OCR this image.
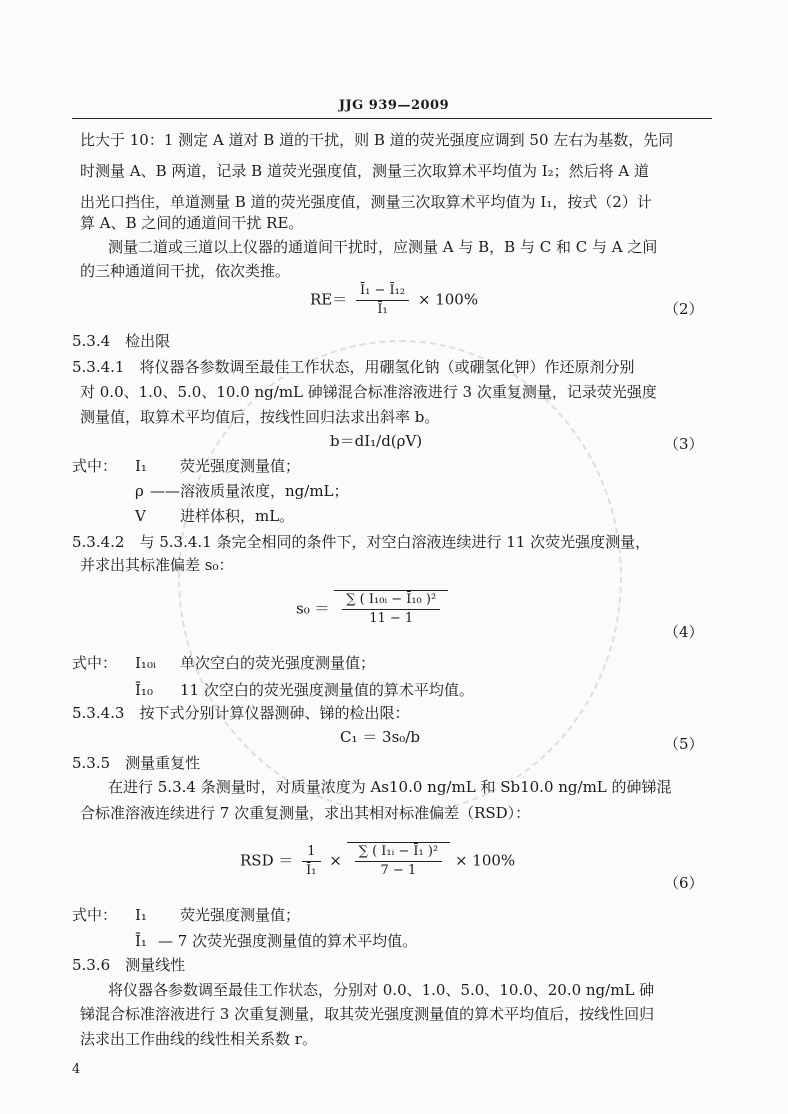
JJG 939—2009
比大于 10：1 测定 A 道对 B 道的干扰，则 B 道的荧光强度应调到 50 左右为基数，先同
时测量 A、B 两道，记录 B 道荧光强度值，测量三次取算术平均值为 I₂；然后将 A 道
出光口挡住，单道测量 B 道的荧光强度值，测量三次取算术平均值为 I₁，按式（2）计
算 A、B 之间的通道间干扰 RE。
测量二道或三道以上仪器的通道间干扰时，应测量 A 与 B，B 与 C 和 C 与 A 之间
的三种通道间干扰，依次类推。
$RE= \frac{\text{Ī₁ − Ī₁₂}}{\text{Ī₁}} \times 100\%$
（2）
5.3.4　检出限
5.3.4.1　将仪器各参数调至最佳工作状态，用硼氢化钠（或硼氢化钾）作还原剂分别
对 0.0、1.0、5.0、10.0 ng/mL 砷锑混合标准溶液进行 3 次重复测量，记录荧光强度
测量值，取算术平均值后，按线性回归法求出斜率 b。
b＝dI₁/d(ρV)	（3）
式中： I₁ 荧光强度测量值；
ρ ——溶液质量浓度，ng/mL；
V 进样体积，mL。
5.3.4.2　与 5.3.4.1 条完全相同的条件下，对空白溶液连续进行 11 次荧光强度测量，
并求出其标准偏差 s₀：
$s_0 = \frac{\text{∑ ( I₁₀ᵢ − Ī₁₀ )²}}{11 - 1}$
（4）
式中： I₁₀ᵢ 单次空白的荧光强度测量值；
Ī₁₀ 11 次空白的荧光强度测量值的算术平均值。
5.3.4.3　按下式分别计算仪器测砷、锑的检出限：
C₁ ＝ 3s₀/b	（5）
5.3.5　测量重复性
在进行 5.3.4 条测量时，对质量浓度为 As10.0 ng/mL 和 Sb10.0 ng/mL 的砷锑混
合标准溶液连续进行 7 次重复测量，求出其相对标准偏差（RSD）：
RSD ＝ $\frac{1}{\text{Ī₁}} \times \frac{\text{∑ ( I₁ᵢ − Ī₁ )²}}{7 - 1} \times 100\%$
（6）
式中： I₁ 荧光强度测量值；
Ī₁ — 7 次荧光强度测量值的算术平均值。
5.3.6　测量线性
将仪器各参数调至最佳工作状态，分别对 0.0、1.0、5.0、10.0、20.0 ng/mL 砷
锑混合标准溶液进行 3 次重复测量，取其荧光强度测量值的算术平均值后，按线性回归
法求出工作曲线的线性相关系数 r。
4
